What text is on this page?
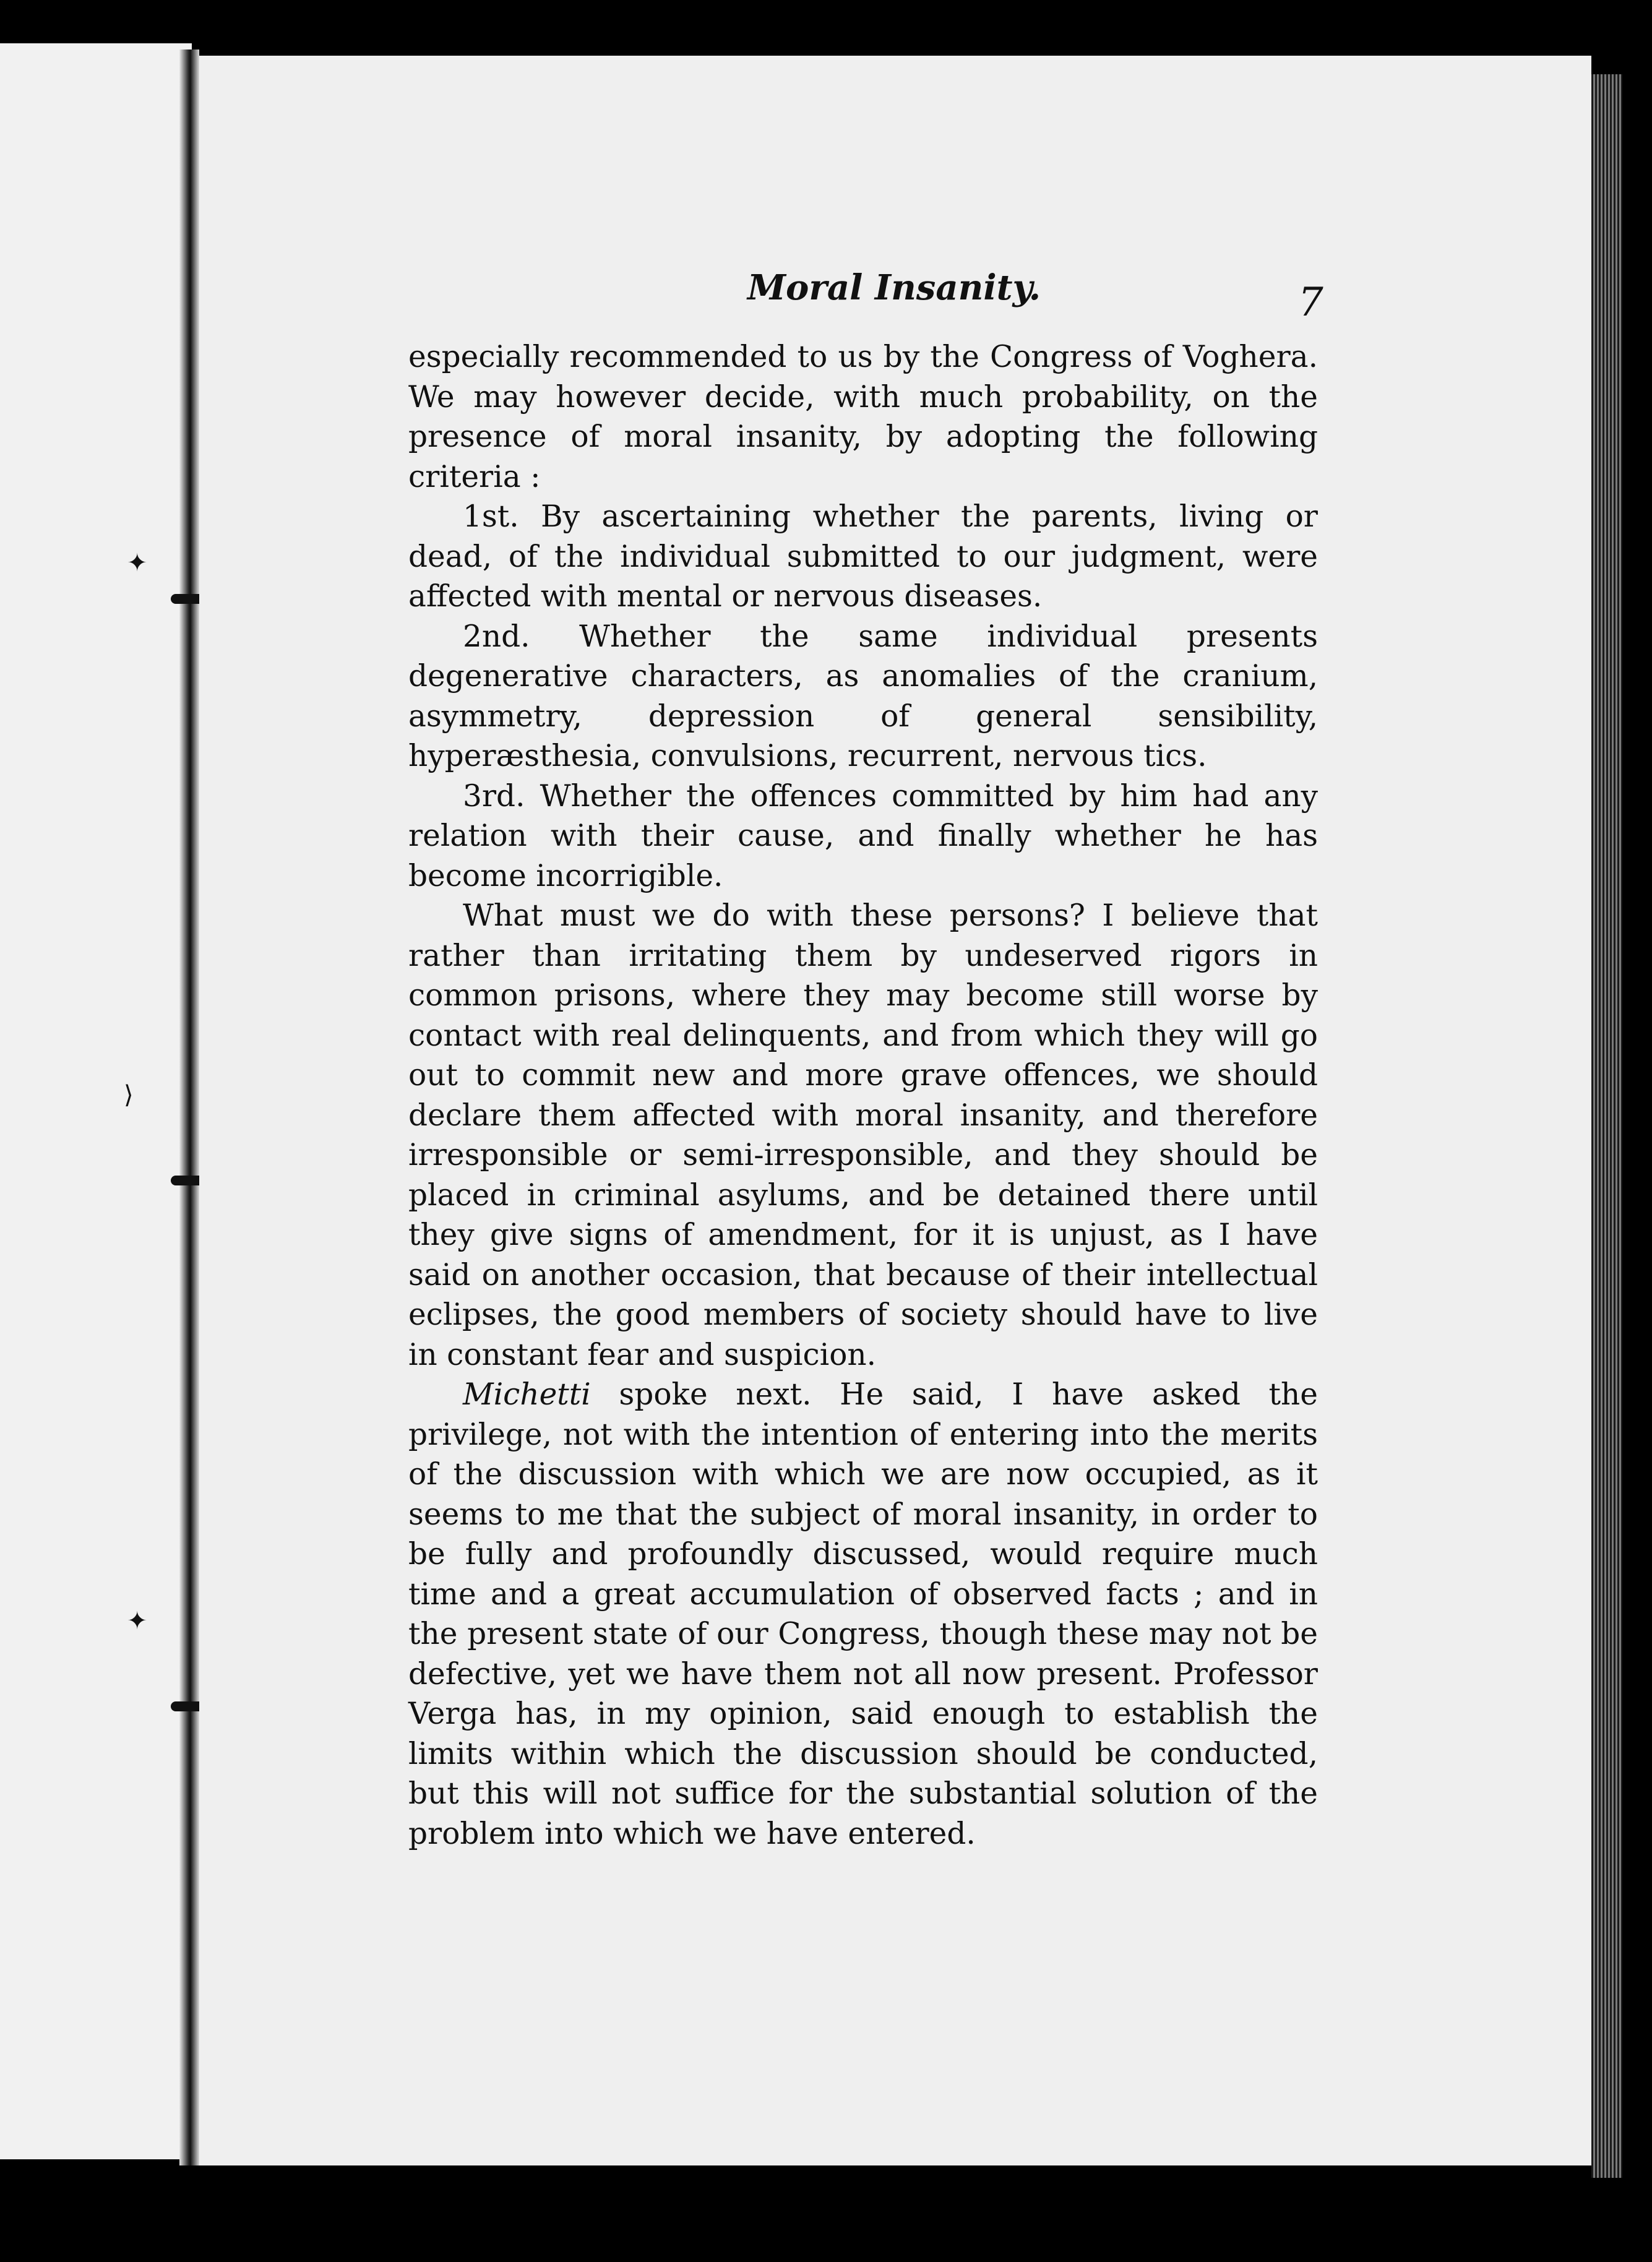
✦
⟩
✦
Moral Insanity.	7

especially recommended to us by the Congress of Voghera. We may however decide, with much probability, on the presence of moral insanity, by adopting the following criteria :

1st. By ascertaining whether the parents, living or dead, of the individual submitted to our judgment, were affected with mental or nervous diseases.

2nd. Whether the same individual presents degenerative characters, as anomalies of the cranium, asymmetry, depression of general sensibility, hyperæsthesia, convulsions, recurrent, nervous tics.

3rd. Whether the offences committed by him had any relation with their cause, and finally whether he has become incorrigible.

What must we do with these persons? I believe that rather than irritating them by undeserved rigors in common prisons, where they may become still worse by contact with real delinquents, and from which they will go out to commit new and more grave offences, we should declare them affected with moral insanity, and therefore irresponsible or semi-irresponsible, and they should be placed in criminal asylums, and be detained there until they give signs of amendment, for it is unjust, as I have said on another occasion, that because of their intellectual eclipses, the good members of society should have to live in constant fear and suspicion.

Michetti spoke next. He said, I have asked the privilege, not with the intention of entering into the merits of the discussion with which we are now occupied, as it seems to me that the subject of moral insanity, in order to be fully and profoundly discussed, would require much time and a great accumulation of observed facts ; and in the present state of our Congress, though these may not be defective, yet we have them not all now present. Professor Verga has, in my opinion, said enough to establish the limits within which the discussion should be conducted, but this will not suffice for the substantial solution of the problem into which we have entered.
